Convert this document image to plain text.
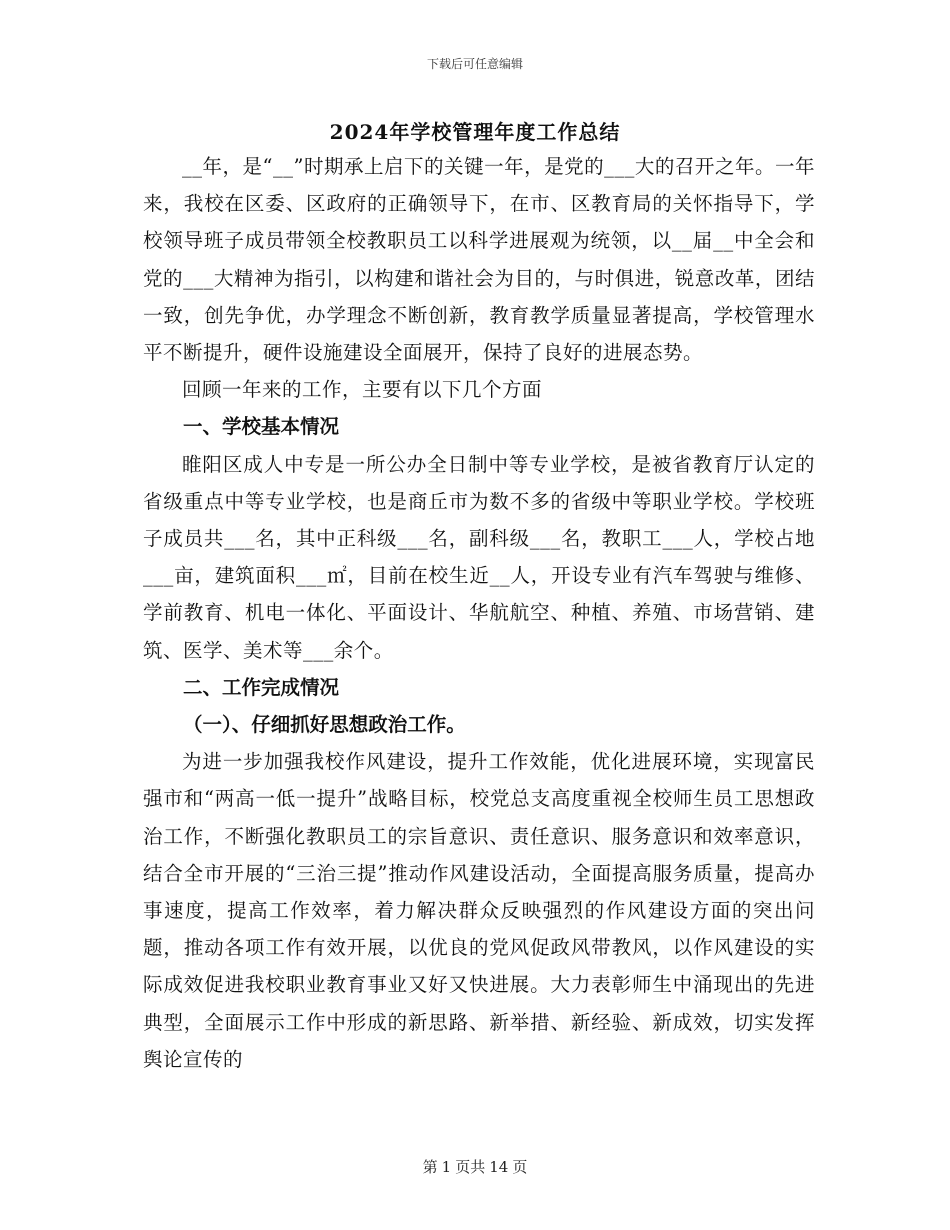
下载后可任意编辑
2024年学校管理年度工作总结

__年，是“__”时期承上启下的关键一年，是党的___大的召开之年。一年来，我校在区委、区政府的正确领导下，在市、区教育局的关怀指导下，学校领导班子成员带领全校教职员工以科学进展观为统领，以__届__中全会和党的___大精神为指引，以构建和谐社会为目的，与时俱进，锐意改革，团结一致，创先争优，办学理念不断创新，教育教学质量显著提高，学校管理水平不断提升，硬件设施建设全面展开，保持了良好的进展态势。

回顾一年来的工作，主要有以下几个方面

一、学校基本情况

睢阳区成人中专是一所公办全日制中等专业学校，是被省教育厅认定的省级重点中等专业学校，也是商丘市为数不多的省级中等职业学校。学校班子成员共___名，其中正科级___名，副科级___名，教职工___人，学校占地___亩，建筑面积___㎡，目前在校生近__人，开设专业有汽车驾驶与维修、学前教育、机电一体化、平面设计、华航航空、种植、养殖、市场营销、建筑、医学、美术等___余个。

二、工作完成情况
（一）、仔细抓好思想政治工作。

为进一步加强我校作风建设，提升工作效能，优化进展环境，实现富民强市和“两高一低一提升”战略目标，校党总支高度重视全校师生员工思想政治工作，不断强化教职员工的宗旨意识、责任意识、服务意识和效率意识，结合全市开展的“三治三提”推动作风建设活动，全面提高服务质量，提高办事速度，提高工作效率，着力解决群众反映强烈的作风建设方面的突出问题，推动各项工作有效开展，以优良的党风促政风带教风，以作风建设的实际成效促进我校职业教育事业又好又快进展。大力表彰师生中涌现出的先进典型，全面展示工作中形成的新思路、新举措、新经验、新成效，切实发挥舆论宣传的

第 1 页共 14 页
